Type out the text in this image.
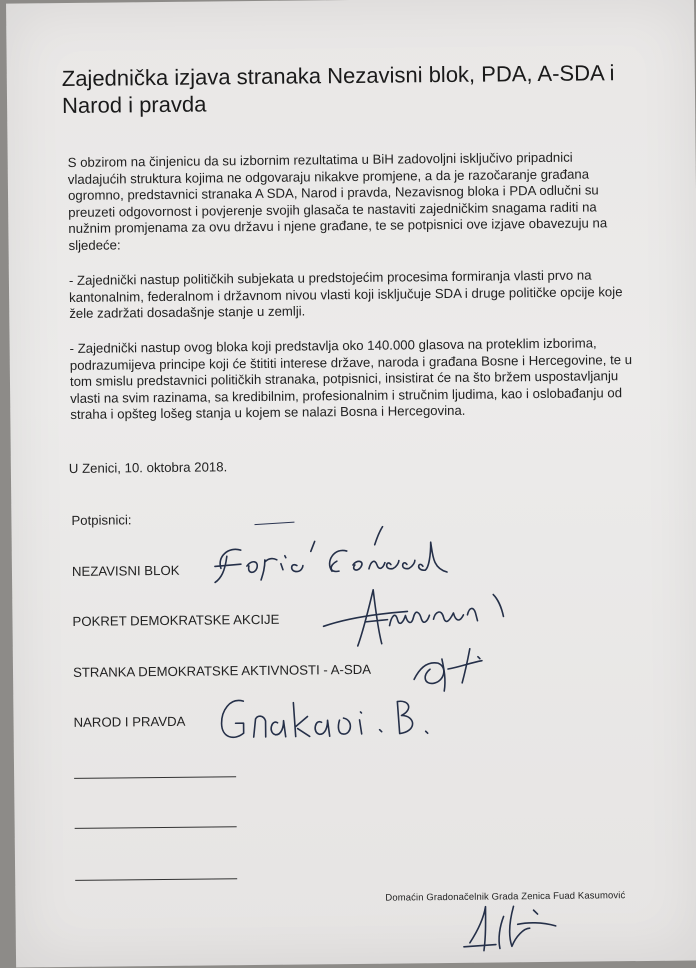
Zajednička izjava stranaka Nezavisni blok, PDA, A-SDA i Narod i pravda

S obzirom na činjenicu da su izbornim rezultatima u BiH zadovoljni isključivo pripadnici vladajućih struktura kojima ne odgovaraju nikakve promjene, a da je razočaranje građana ogromno, predstavnici stranaka A SDA, Narod i pravda, Nezavisnog bloka i PDA odlučni su preuzeti odgovornost i povjerenje svojih glasača te nastaviti zajedničkim snagama raditi na nužnim promjenama za ovu državu i njene građane, te se potpisnici ove izjave obavezuju na sljedeće:

- Zajednički nastup političkih subjekata u predstojećim procesima formiranja vlasti prvo na kantonalnim, federalnom i državnom nivou vlasti koji isključuje SDA i druge političke opcije koje žele zadržati dosadašnje stanje u zemlji.

- Zajednički nastup ovog bloka koji predstavlja oko 140.000 glasova na proteklim izborima, podrazumijeva principe koji će štititi interese države, naroda i građana Bosne i Hercegovine, te u tom smislu predstavnici političkih stranaka, potpisnici, insistirat će na što bržem uspostavljanju vlasti na svim razinama, sa kredibilnim, profesionalnim i stručnim ljudima, kao i oslobađanju od straha i opšteg lošeg stanja u kojem se nalazi Bosna i Hercegovina.

U Zenici, 10. oktobra 2018.
Potpisnici:
NEZAVISNI BLOK
POKRET DEMOKRATSKE AKCIJE
STRANKA DEMOKRATSKE AKTIVNOSTI - A-SDA
NAROD I PRAVDA
Domaćin Gradonačelnik Grada Zenica Fuad Kasumović
